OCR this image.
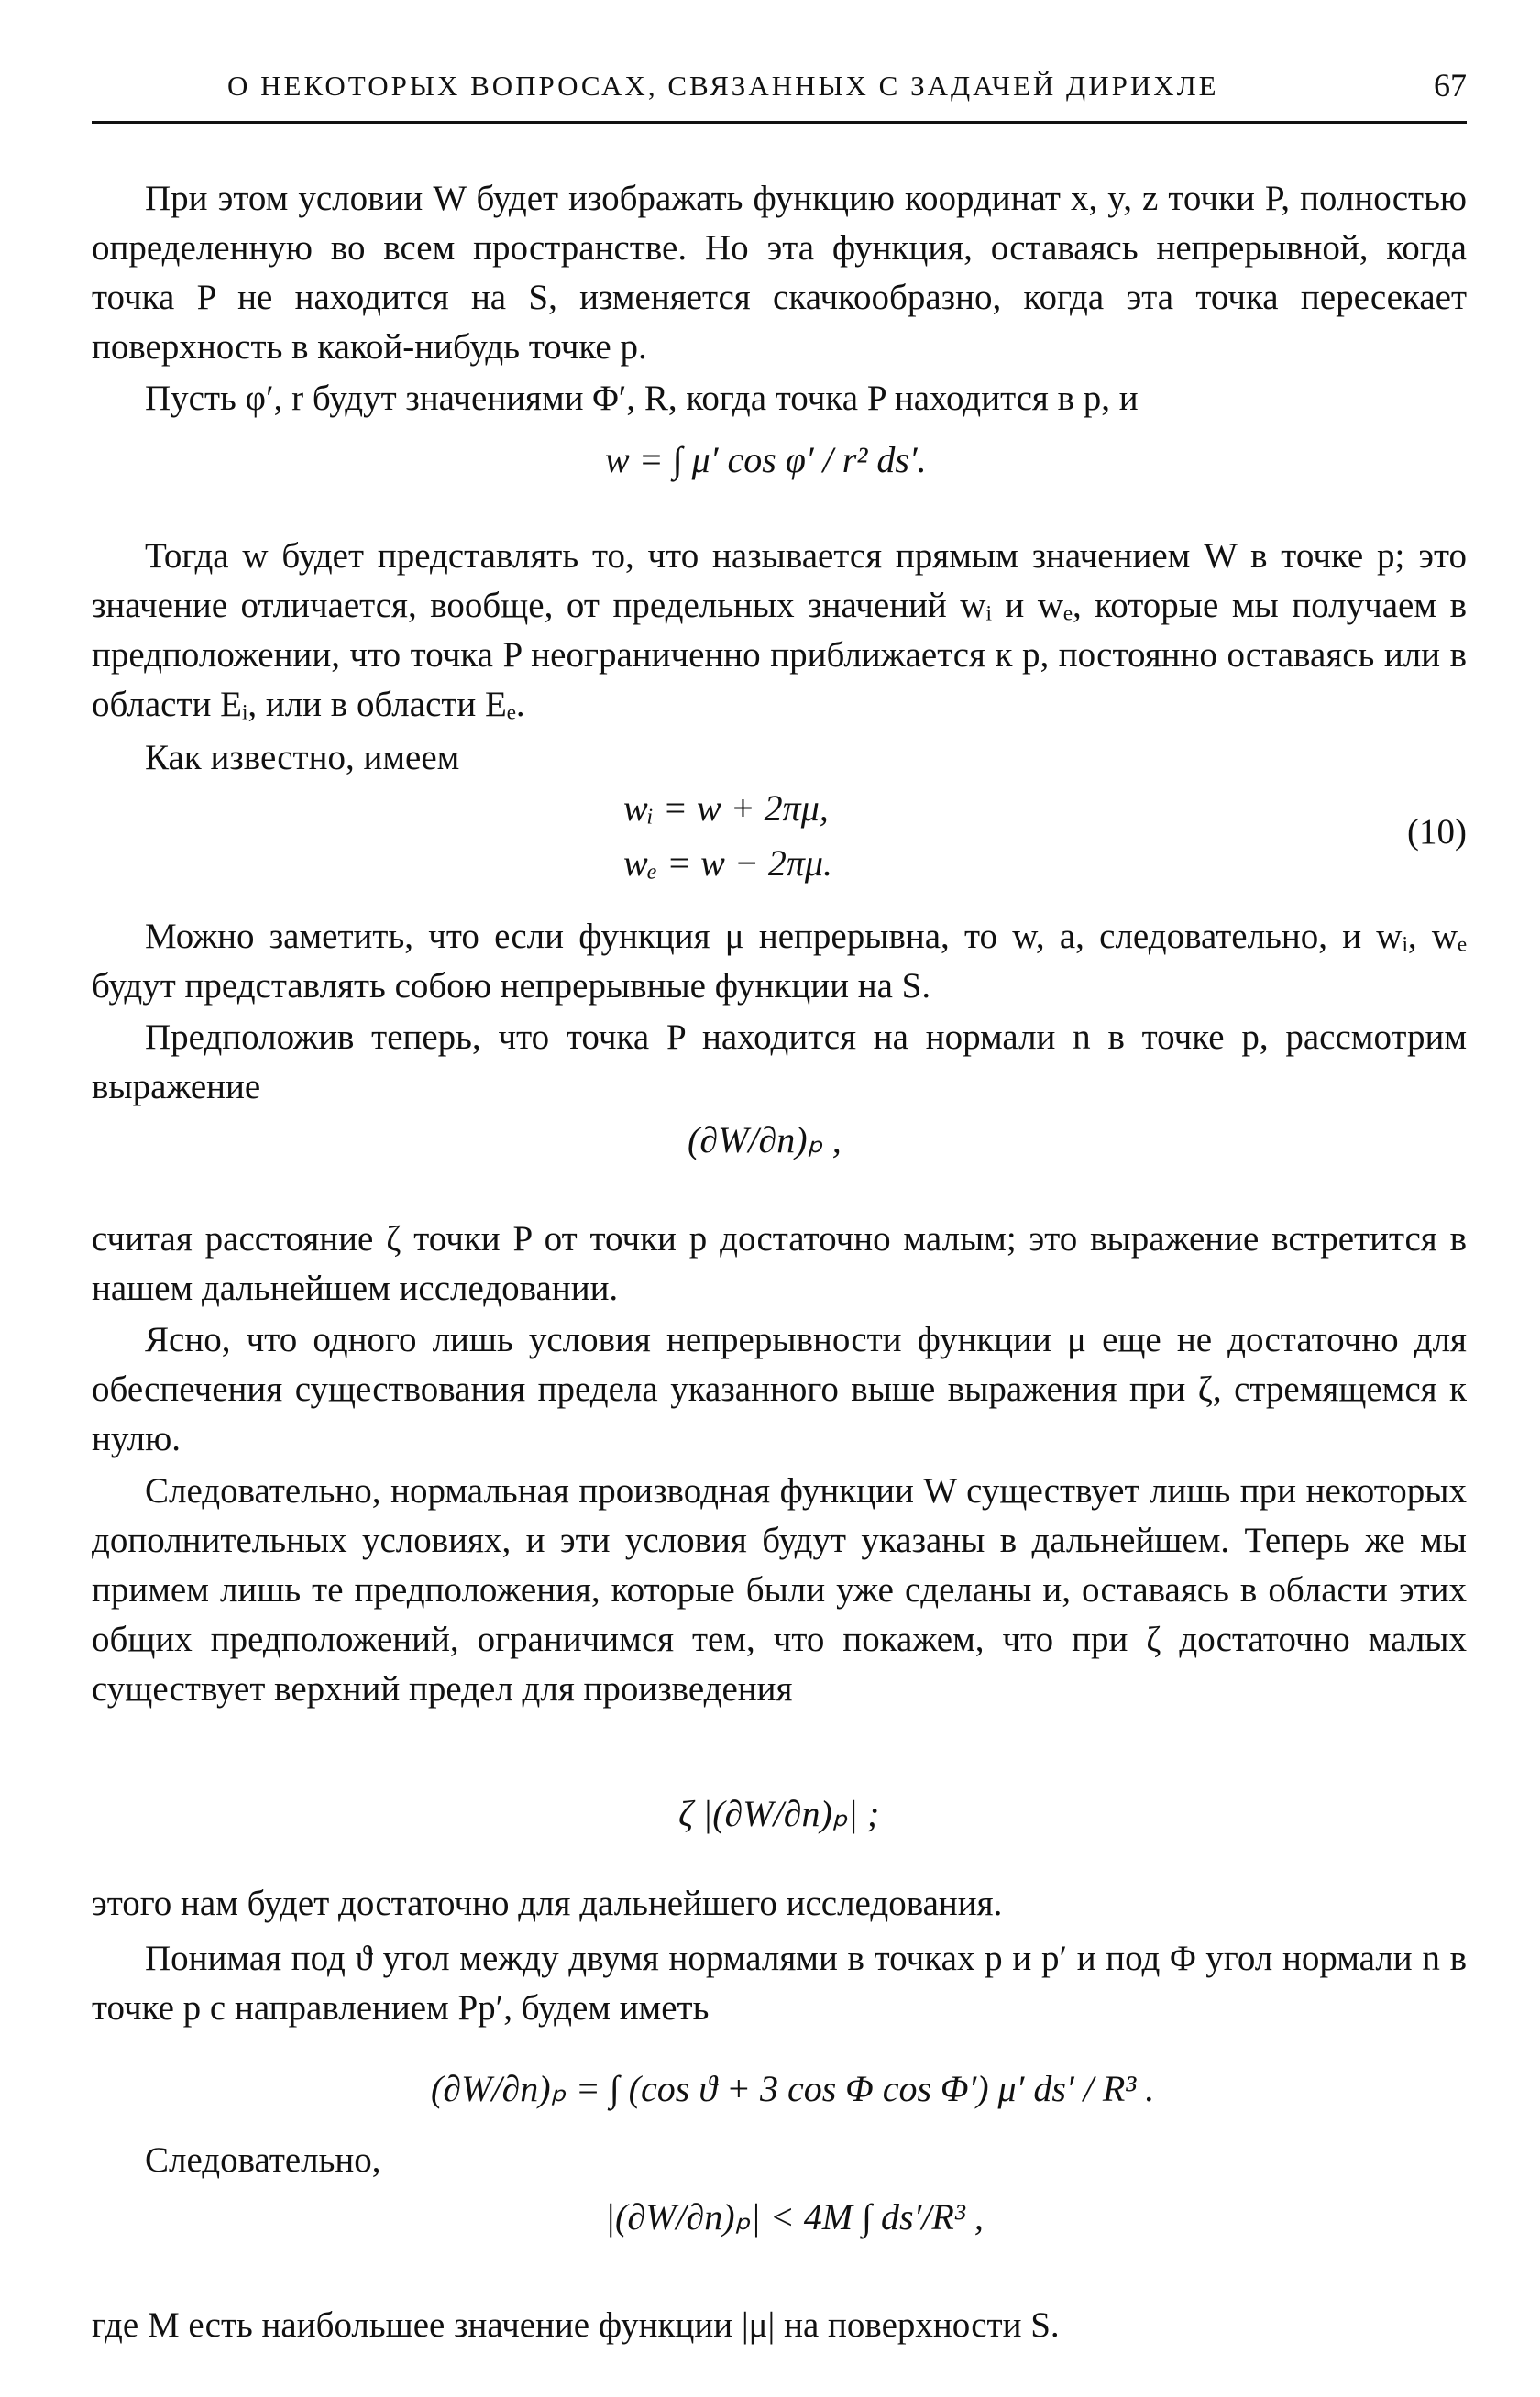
О НЕКОТОРЫХ ВОПРОСАХ, СВЯЗАННЫХ С ЗАДАЧЕЙ ДИРИХЛЕ	67
При этом условии W будет изображать функцию координат x, y, z точки P, полностью определенную во всем пространстве. Но эта функция, оставаясь непрерывной, когда точка P не находится на S, изменяется скачкообразно, когда эта точка пересекает поверхность в какой-нибудь точке p.
Пусть φ′, r будут значениями Φ′, R, когда точка P находится в p, и
w = ∫ μ′ cos φ′ / r² ds′.
Тогда w будет представлять то, что называется прямым значением W в точке p; это значение отличается, вообще, от предельных значений wᵢ и wₑ, которые мы получаем в предположении, что точка P неограниченно приближается к p, постоянно оставаясь или в области Eᵢ, или в области Eₑ.
Как известно, имеем
wᵢ = w + 2πμ,
wₑ = w − 2πμ.
(10)
Можно заметить, что если функция μ непрерывна, то w, а, следовательно, и wᵢ, wₑ будут представлять собою непрерывные функции на S.
Предположив теперь, что точка P находится на нормали n в точке p, рассмотрим выражение
(∂W/∂n)ₚ ,
считая расстояние ζ точки P от точки p достаточно малым; это выражение встретится в нашем дальнейшем исследовании.
Ясно, что одного лишь условия непрерывности функции μ еще не достаточно для обеспечения существования предела указанного выше выражения при ζ, стремящемся к нулю.
Следовательно, нормальная производная функции W существует лишь при некоторых дополнительных условиях, и эти условия будут указаны в дальнейшем. Теперь же мы примем лишь те предположения, которые были уже сделаны и, оставаясь в области этих общих предположений, ограничимся тем, что покажем, что при ζ достаточно малых существует верхний предел для произведения
ζ |(∂W/∂n)ₚ| ;
этого нам будет достаточно для дальнейшего исследования.
Понимая под ϑ угол между двумя нормалями в точках p и p′ и под Φ угол нормали n в точке p с направлением Pp′, будем иметь
(∂W/∂n)ₚ = ∫ (cos ϑ + 3 cos Φ cos Φ′) μ′ ds′ / R³ .
Следовательно,
|(∂W/∂n)ₚ| < 4M ∫ ds′/R³ ,
где M есть наибольшее значение функции |μ| на поверхности S.
